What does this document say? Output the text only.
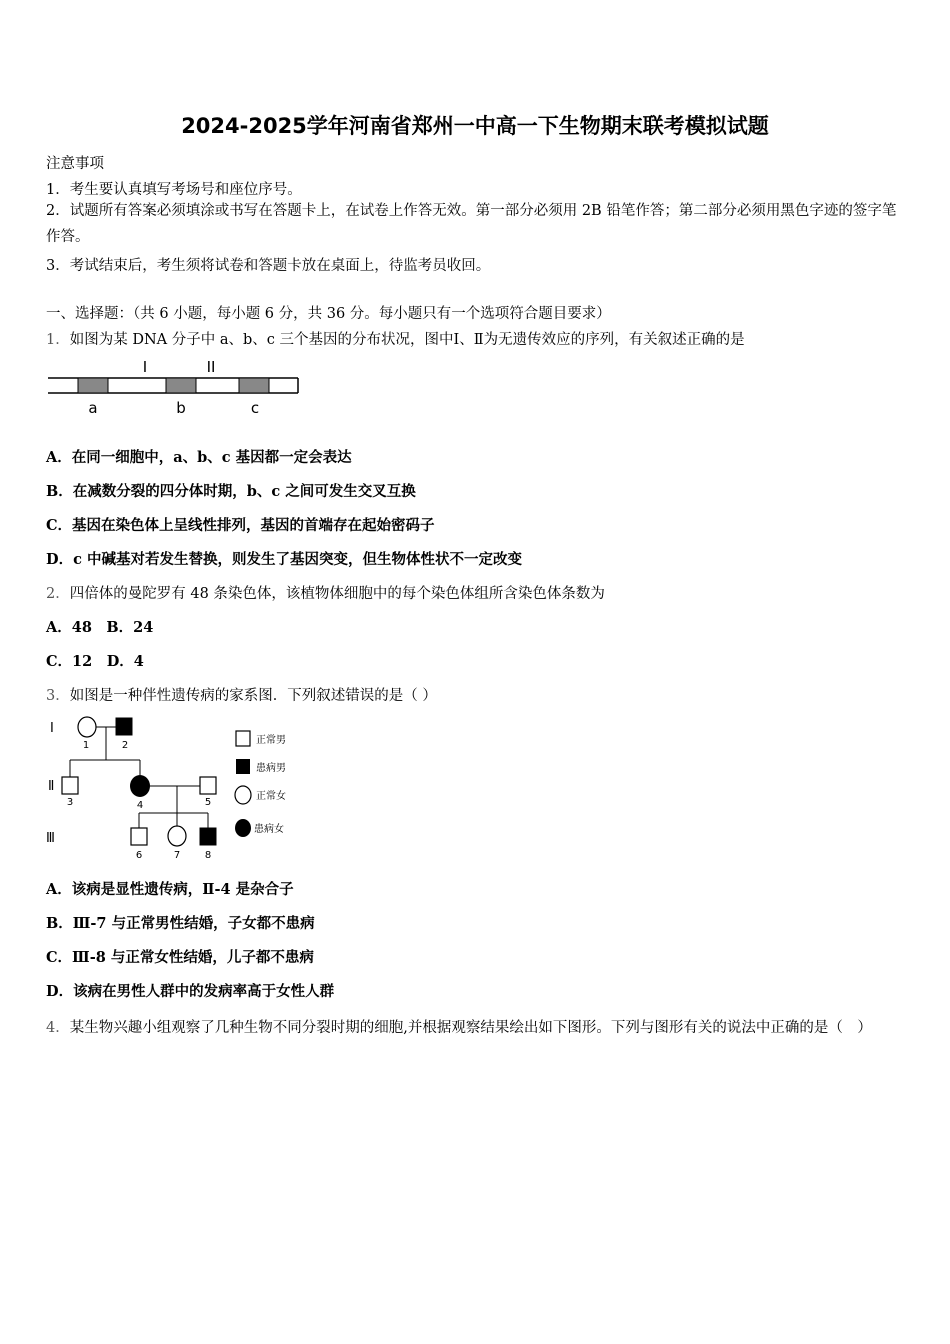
2024-2025学年河南省郑州一中高一下生物期末联考模拟试题
注意事项
1．考生要认真填写考场号和座位序号。
2．试题所有答案必须填涂或书写在答题卡上，在试卷上作答无效。第一部分必须用 2B 铅笔作答；第二部分必须用黑色字迹的签字笔作答。
3．考试结束后，考生须将试卷和答题卡放在桌面上，待监考员收回。
一、选择题：（共 6 小题，每小题 6 分，共 36 分。每小题只有一个选项符合题目要求）
1．如图为某 DNA 分子中 a、b、c 三个基因的分布状况，图中Ⅰ、Ⅱ为无遗传效应的序列，有关叙述正确的是
I	II
a	b	c
A．在同一细胞中，a、b、c 基因都一定会表达
B．在减数分裂的四分体时期，b、c 之间可发生交叉互换
C．基因在染色体上呈线性排列，基因的首端存在起始密码子
D．c 中碱基对若发生替换，则发生了基因突变，但生物体性状不一定改变
2．四倍体的曼陀罗有 48 条染色体，该植物体细胞中的每个染色体组所含染色体条数为
A．48　B．24
C．12　D．4
3．如图是一种伴性遗传病的家系图．下列叙述错误的是（ ）
Ⅰ
Ⅱ
Ⅲ
1	2
3	4	5
6	7 8
正常男
患病男
正常女
患病女
A．该病是显性遗传病，Ⅱ-4 是杂合子
B．Ⅲ-7 与正常男性结婚，子女都不患病
C．Ⅲ-8 与正常女性结婚，儿子都不患病
D．该病在男性人群中的发病率高于女性人群
4．某生物兴趣小组观察了几种生物不同分裂时期的细胞,并根据观察结果绘出如下图形。下列与图形有关的说法中正确的是（　）
